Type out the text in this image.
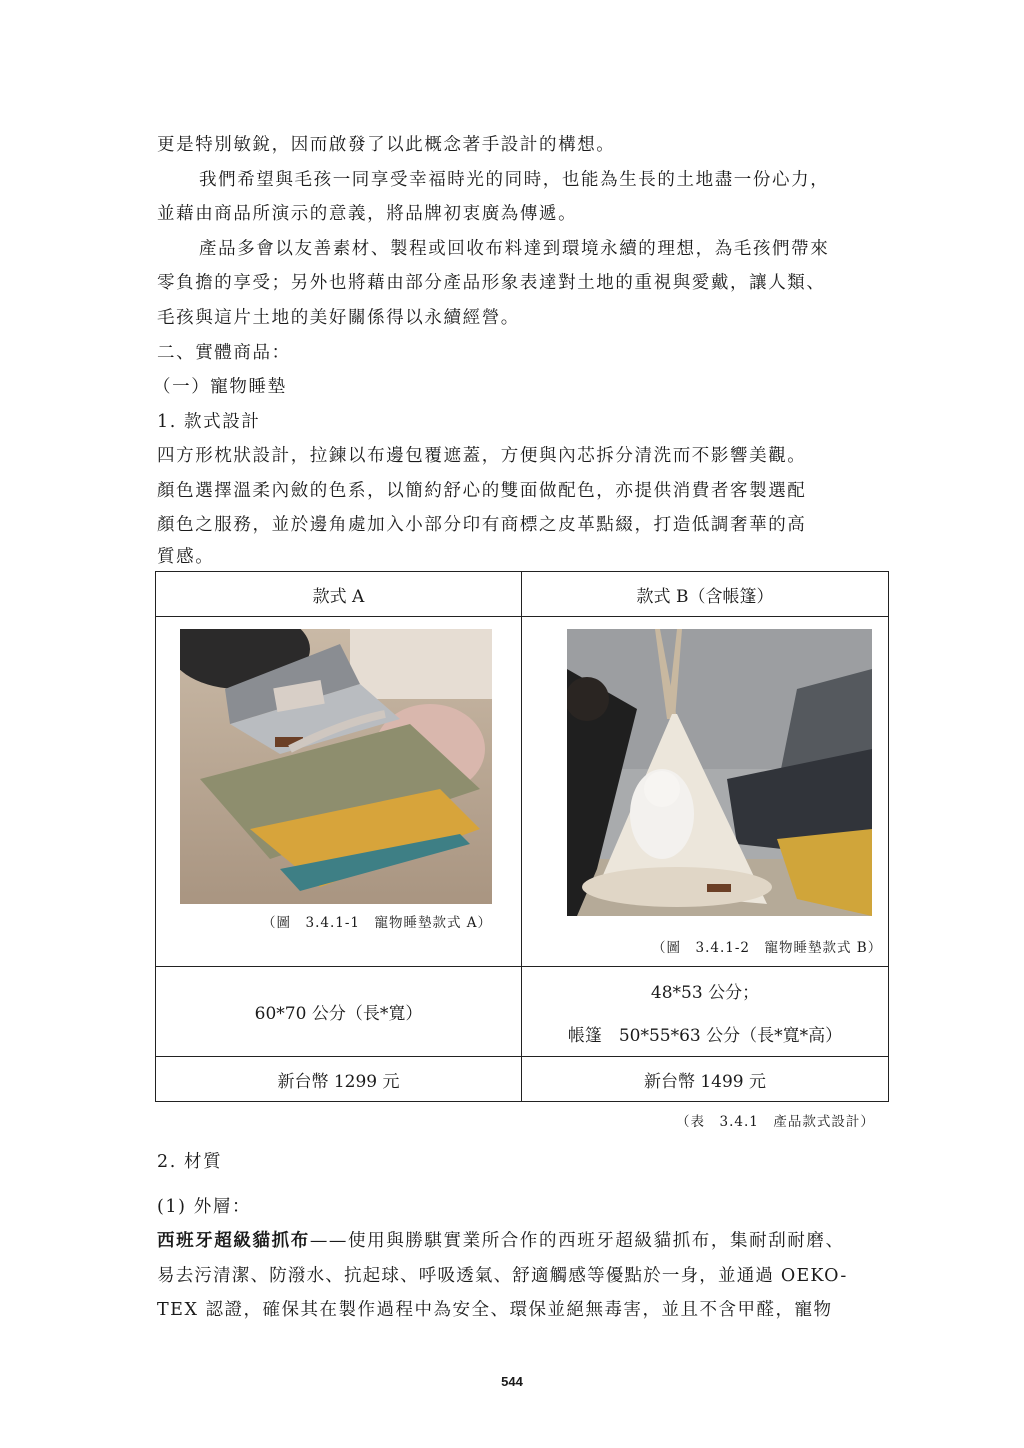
更是特別敏銳，因而啟發了以此概念著手設計的構想。
我們希望與毛孩一同享受幸福時光的同時，也能為生長的土地盡一份心力，
並藉由商品所演示的意義，將品牌初衷廣為傳遞。
產品多會以友善素材、製程或回收布料達到環境永續的理想，為毛孩們帶來
零負擔的享受；另外也將藉由部分產品形象表達對土地的重視與愛戴，讓人類、
毛孩與這片土地的美好關係得以永續經營。
二、實體商品：
（一）寵物睡墊
1. 款式設計
四方形枕狀設計，拉鍊以布邊包覆遮蓋，方便與內芯拆分清洗而不影響美觀。
顏色選擇溫柔內斂的色系，以簡約舒心的雙面做配色，亦提供消費者客製選配
顏色之服務，並於邊角處加入小部分印有商標之皮革點綴，打造低調奢華的高
質感。
款式 A	款式 B（含帳篷）

（圖　3.4.1-1　寵物睡墊款式 A）	（圖　3.4.1-2　寵物睡墊款式 B）

60*70 公分（長*寬）	48*53 公分；
帳篷　50*55*63 公分（長*寬*高）

新台幣 1299 元	新台幣 1499 元
（表　3.4.1　產品款式設計）
2. 材質
(1) 外層：
西班牙超級貓抓布——使用與勝騏實業所合作的西班牙超級貓抓布，集耐刮耐磨、
易去污清潔、防潑水、抗起球、呼吸透氣、舒適觸感等優點於一身，並通過 OEKO-
TEX 認證，確保其在製作過程中為安全、環保並絕無毒害，並且不含甲醛，寵物
544
